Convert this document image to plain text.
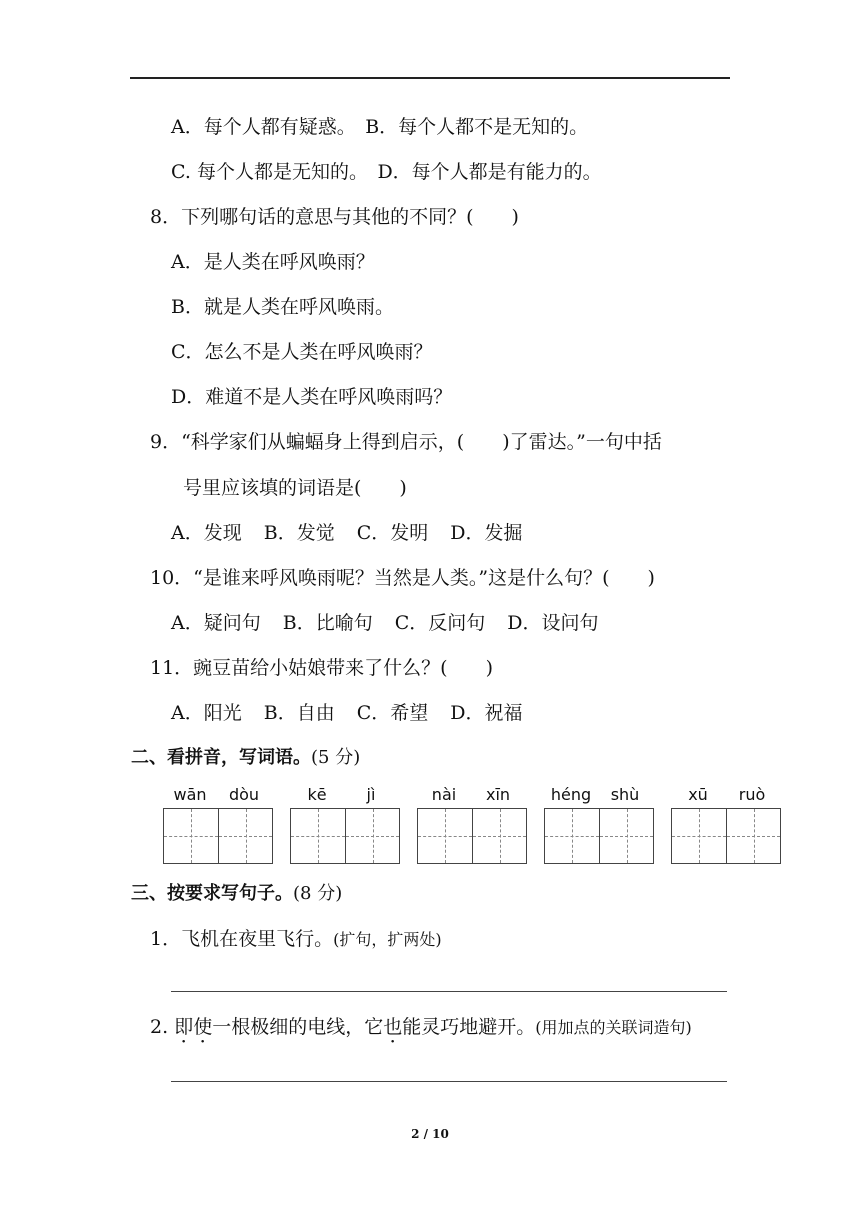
A．每个人都有疑惑。　B．每个人都不是无知的。
C. 每个人都是无知的。　D．每个人都是有能力的。
8．下列哪句话的意思与其他的不同？(　　)
A．是人类在呼风唤雨？
B．就是人类在呼风唤雨。
C．怎么不是人类在呼风唤雨？
D．难道不是人类在呼风唤雨吗？
9．“科学家们从蝙蝠身上得到启示，(　　)了雷达。”一句中括
号里应该填的词语是(　　)
A．发现 B．发觉 C．发明 D．发掘
10．“是谁来呼风唤雨呢？当然是人类。”这是什么句？(　　)
A．疑问句 B．比喻句 C．反问句 D．设问句
11．豌豆苗给小姑娘带来了什么？(　　)
A．阳光 B．自由 C．希望 D．祝福
二、看拼音，写词语。(5 分)
wān	dòu	kē	jì	nài	xīn	héng	shù	xū	ruò
三、按要求写句子。(8 分)
1．飞机在夜里飞行。(扩句，扩两处)
2. 即使一根极细的电线，它也能灵巧地避开。(用加点的关联词造句)
2 / 10
